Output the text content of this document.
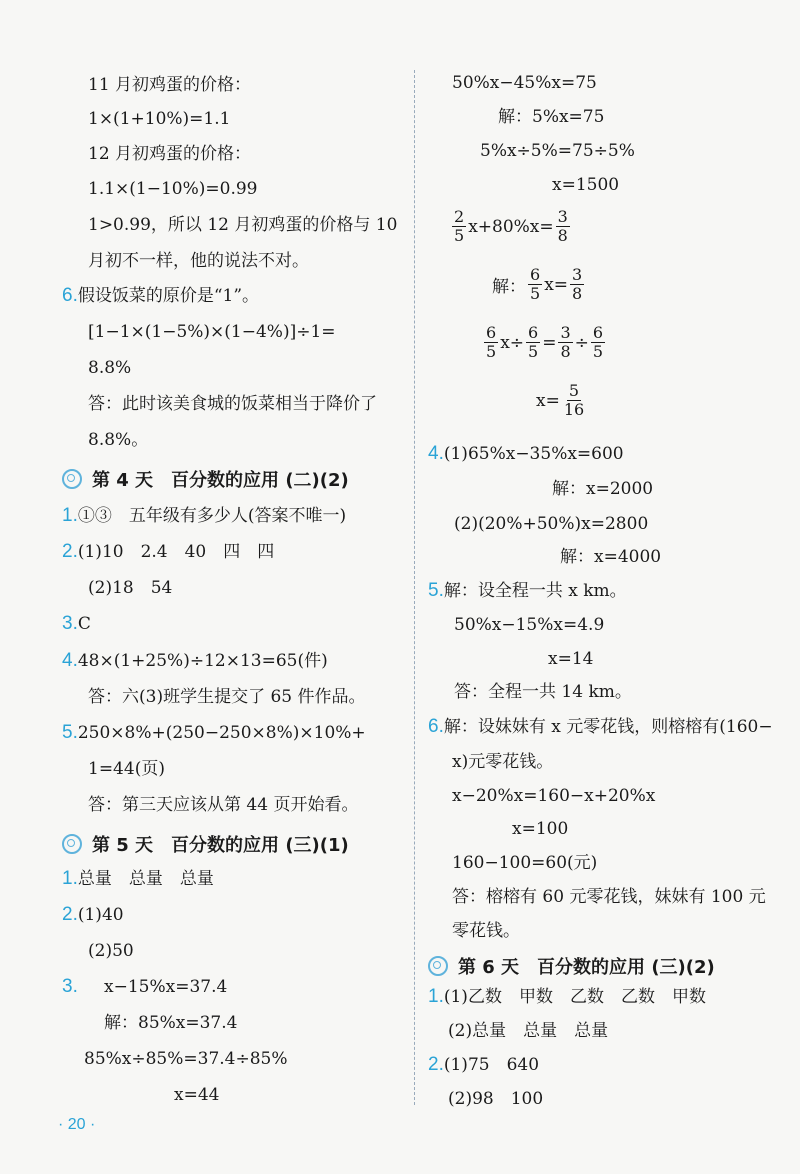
11 月初鸡蛋的价格：
1×(1+10%)=1.1
12 月初鸡蛋的价格：
1.1×(1−10%)=0.99
1>0.99，所以 12 月初鸡蛋的价格与 10
月初不一样，他的说法不对。
6.假设饭菜的原价是“1”。
[1−1×(1−5%)×(1−4%)]÷1=
8.8%
答：此时该美食城的饭菜相当于降价了
8.8%。
第 4 天　百分数的应用 (二)(2)
1.①③　五年级有多少人(答案不唯一)
2.(1)10　2.4　40　四　四
(2)18　54
3.C
4.48×(1+25%)÷12×13=65(件)
答：六(3)班学生提交了 65 件作品。
5.250×8%+(250−250×8%)×10%+
1=44(页)
答：第三天应该从第 44 页开始看。
第 5 天　百分数的应用 (三)(1)
1.总量　总量　总量
2.(1)40
(2)50
3. x−15%x=37.4
解：85%x=37.4
85%x÷85%=37.4÷85%
x=44
50%x−45%x=75
解：5%x=75
5%x÷5%=75÷5%
x=1500
$\frac{2}{5} x+80\%x= \frac{3}{8}$
解： $\frac{6}{5} x= \frac{3}{8}$
$\frac{6}{5} x\div \frac{6}{5} = \frac{3}{8} \div \frac{6}{5}$
$x= \frac{5}{16}$
4.(1)65%x−35%x=600
解：x=2000
(2)(20%+50%)x=2800
解：x=4000
5.解：设全程一共 x km。
50%x−15%x=4.9
x=14
答：全程一共 14 km。
6.解：设妹妹有 x 元零花钱，则榕榕有(160−
x)元零花钱。
x−20%x=160−x+20%x
x=100
160−100=60(元)
答：榕榕有 60 元零花钱，妹妹有 100 元
零花钱。
第 6 天　百分数的应用 (三)(2)
1.(1)乙数　甲数　乙数　乙数　甲数
(2)总量　总量　总量
2.(1)75　640
(2)98　100
· 20 ·
